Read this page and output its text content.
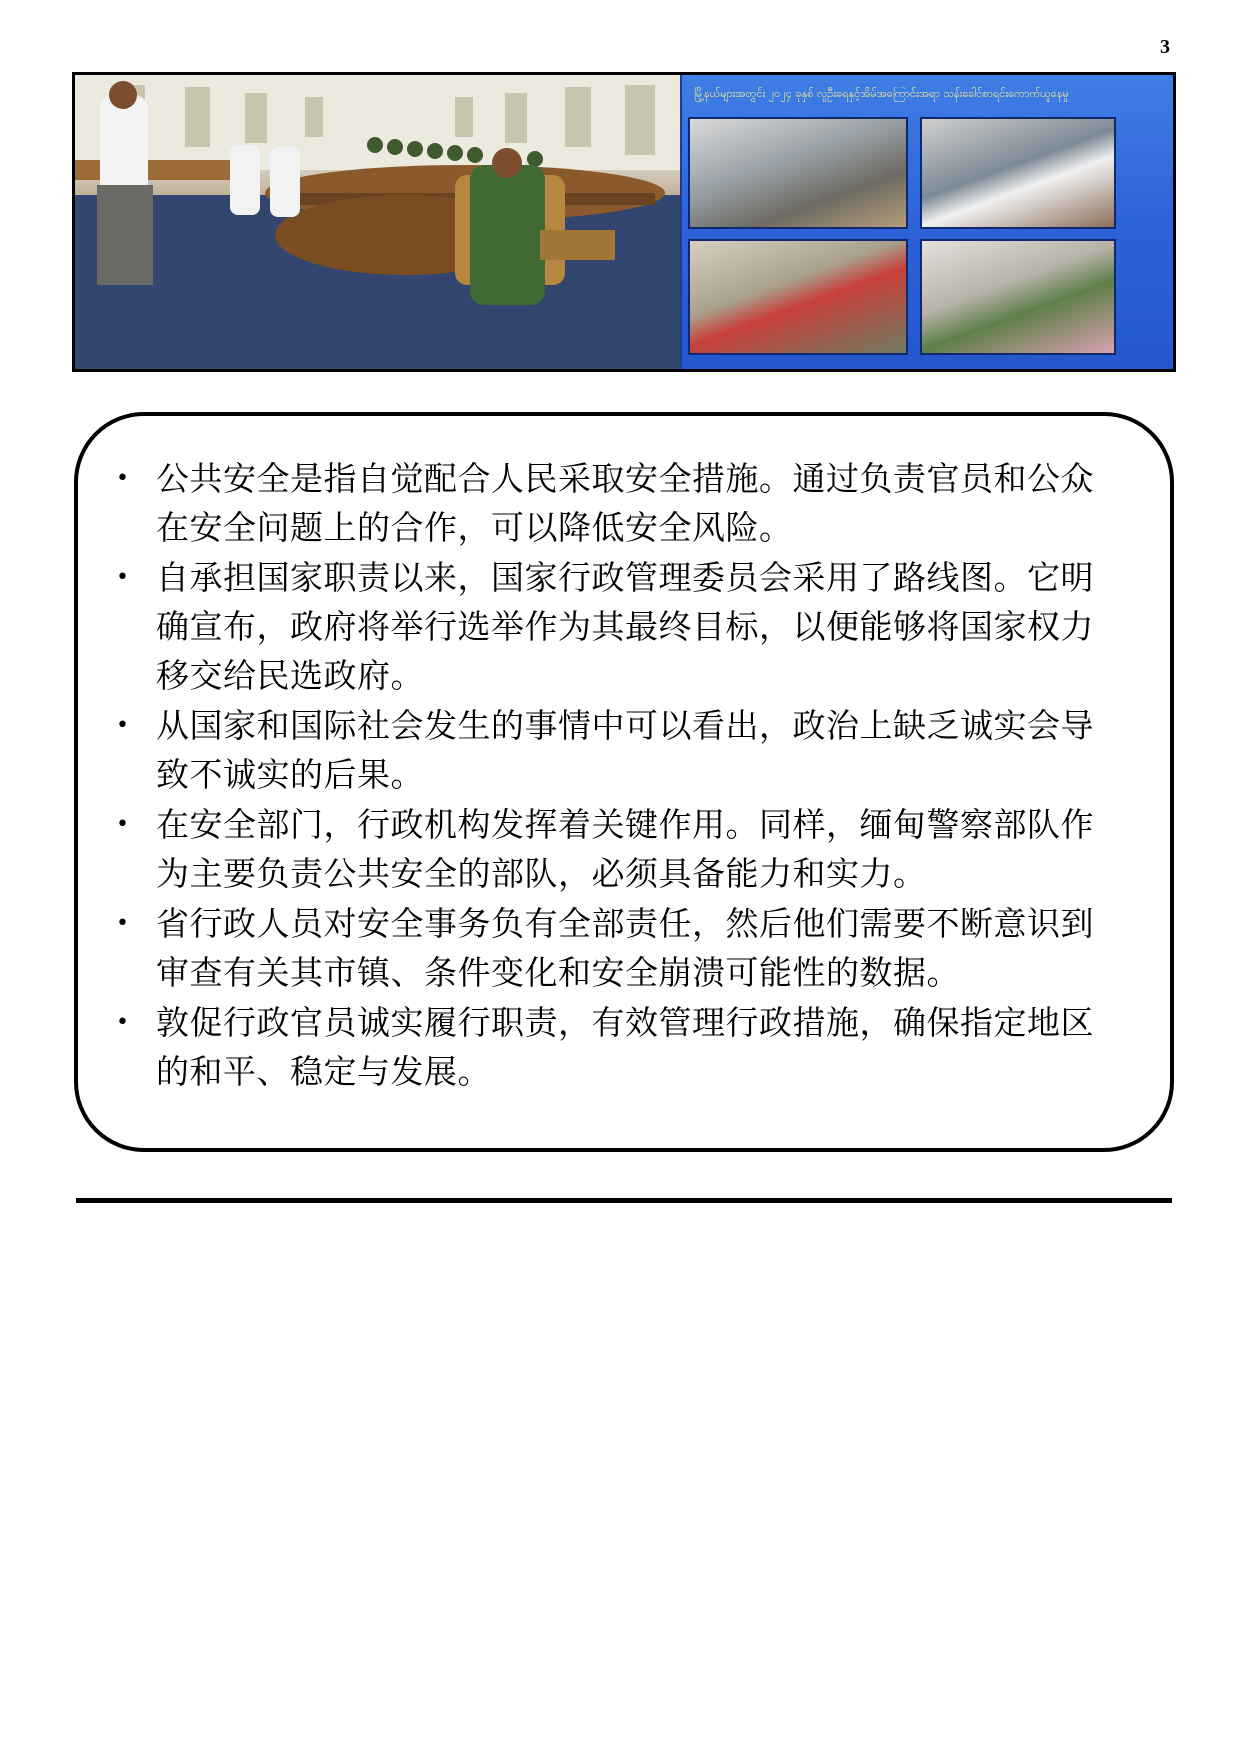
3
မြို့နယ်များအတွင်း ၂၀၂၄ ခုနှစ် လူဦးရေနှင့်အိမ်အကြောင်းအရာ သန်းခေါင်စာရင်းကောက်ယူနေမှု
• 公共安全是指自觉配合人民采取安全措施。通过负责官员和公众在安全问题上的合作，可以降低安全风险。
• 自承担国家职责以来，国家行政管理委员会采用了路线图。它明确宣布，政府将举行选举作为其最终目标，以便能够将国家权力移交给民选政府。
• 从国家和国际社会发生的事情中可以看出，政治上缺乏诚实会导致不诚实的后果。
• 在安全部门，行政机构发挥着关键作用。同样，缅甸警察部队作为主要负责公共安全的部队，必须具备能力和实力。
• 省行政人员对安全事务负有全部责任，然后他们需要不断意识到审查有关其市镇、条件变化和安全崩溃可能性的数据。
• 敦促行政官员诚实履行职责，有效管理行政措施，确保指定地区的和平、稳定与发展。
